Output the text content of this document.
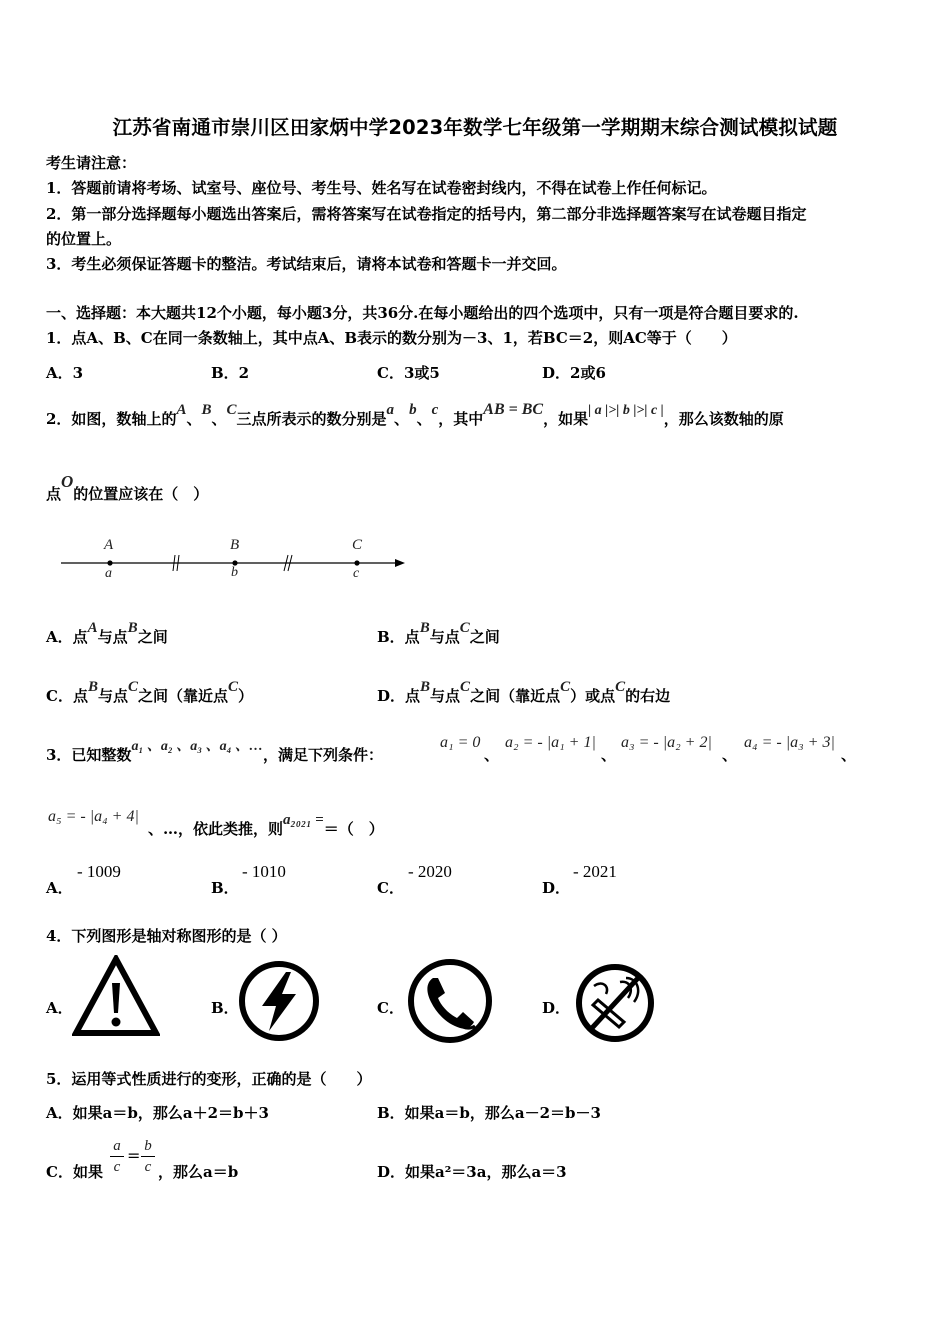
江苏省南通市崇川区田家炳中学2023年数学七年级第一学期期末综合测试模拟试题
考生请注意：
1．答题前请将考场、试室号、座位号、考生号、姓名写在试卷密封线内，不得在试卷上作任何标记。
2．第一部分选择题每小题选出答案后，需将答案写在试卷指定的括号内，第二部分非选择题答案写在试卷题目指定
的位置上。
3．考生必须保证答题卡的整洁。考试结束后，请将本试卷和答题卡一并交回。
一、选择题：本大题共12个小题，每小题3分，共36分.在每小题给出的四个选项中，只有一项是符合题目要求的.
1．点A、B、C在同一条数轴上，其中点A、B表示的数分别为－3、1，若BC＝2，则AC等于（　　）
A．3	B．2	C．3或5	D．2或6
2．如图，数轴上的A、B、C三点所表示的数分别是a、b、c，其中AB = BC，如果| a |>| b |>| c |，那么该数轴的原
点O的位置应该在（　）
A	B	C
a	b	c
A．点A与点B之间	B．点B与点C之间
C．点B与点C之间（靠近点C）	D．点B与点C之间（靠近点C）或点C的右边
3．已知整数a₁ 、a₂ 、a₃ 、a₄ 、…，满足下列条件：
a₁ = 0
、
a₂ = - |a₁ + 1|
、
a₃ = - |a₂ + 2|
、
a₄ = - |a₃ + 3|
、
a₅ = - |a₄ + 4|
、…，依此类推，则a₂₀₂₁ =＝（　）
A．
- 1009
B．
- 1010
C．
- 2020
D．
- 2021
4．下列图形是轴对称图形的是（ ）
A．	B．	C．	D．
5．运用等式性质进行的变形，正确的是（　　）
A．如果a＝b，那么a＋2＝b＋3	B．如果a＝b，那么a－2＝b－3
C．如果 $\frac{a}{c} = \frac{b}{c}$ ，那么a＝b	D．如果a²＝3a，那么a＝3
